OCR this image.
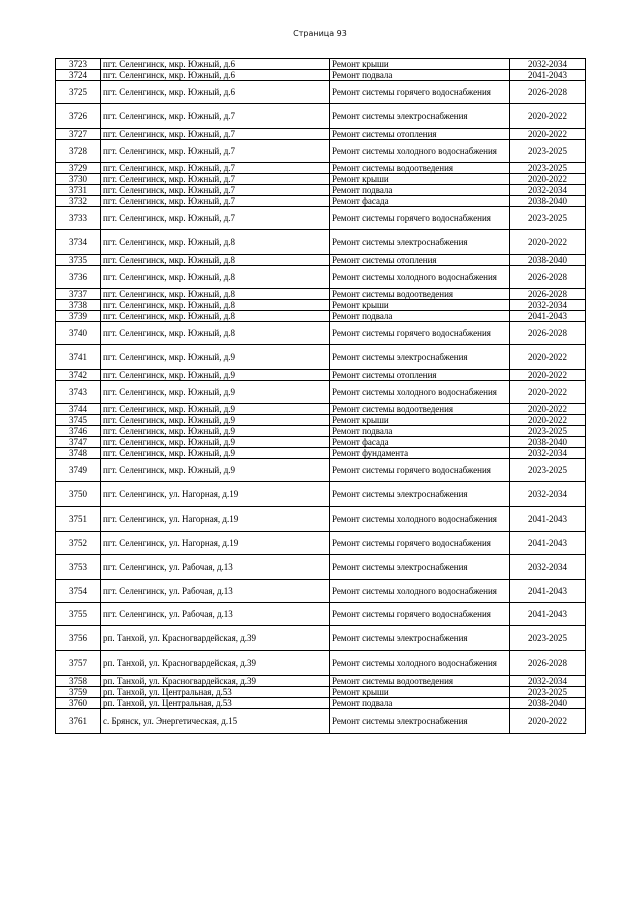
Страница 93
3723	пгт. Селенгинск, мкр. Южный, д.6	Ремонт крыши	2032-2034
3724	пгт. Селенгинск, мкр. Южный, д.6	Ремонт подвала	2041-2043
3725	пгт. Селенгинск, мкр. Южный, д.6	Ремонт системы горячего водоснабжения	2026-2028
3726	пгт. Селенгинск, мкр. Южный, д.7	Ремонт системы электроснабжения	2020-2022
3727	пгт. Селенгинск, мкр. Южный, д.7	Ремонт системы отопления	2020-2022
3728	пгт. Селенгинск, мкр. Южный, д.7	Ремонт системы холодного водоснабжения	2023-2025
3729	пгт. Селенгинск, мкр. Южный, д.7	Ремонт системы водоотведения	2023-2025
3730	пгт. Селенгинск, мкр. Южный, д.7	Ремонт крыши	2020-2022
3731	пгт. Селенгинск, мкр. Южный, д.7	Ремонт подвала	2032-2034
3732	пгт. Селенгинск, мкр. Южный, д.7	Ремонт фасада	2038-2040
3733	пгт. Селенгинск, мкр. Южный, д.7	Ремонт системы горячего водоснабжения	2023-2025
3734	пгт. Селенгинск, мкр. Южный, д.8	Ремонт системы электроснабжения	2020-2022
3735	пгт. Селенгинск, мкр. Южный, д.8	Ремонт системы отопления	2038-2040
3736	пгт. Селенгинск, мкр. Южный, д.8	Ремонт системы холодного водоснабжения	2026-2028
3737	пгт. Селенгинск, мкр. Южный, д.8	Ремонт системы водоотведения	2026-2028
3738	пгт. Селенгинск, мкр. Южный, д.8	Ремонт крыши	2032-2034
3739	пгт. Селенгинск, мкр. Южный, д.8	Ремонт подвала	2041-2043
3740	пгт. Селенгинск, мкр. Южный, д.8	Ремонт системы горячего водоснабжения	2026-2028
3741	пгт. Селенгинск, мкр. Южный, д.9	Ремонт системы электроснабжения	2020-2022
3742	пгт. Селенгинск, мкр. Южный, д.9	Ремонт системы отопления	2020-2022
3743	пгт. Селенгинск, мкр. Южный, д.9	Ремонт системы холодного водоснабжения	2020-2022
3744	пгт. Селенгинск, мкр. Южный, д.9	Ремонт системы водоотведения	2020-2022
3745	пгт. Селенгинск, мкр. Южный, д.9	Ремонт крыши	2020-2022
3746	пгт. Селенгинск, мкр. Южный, д.9	Ремонт подвала	2023-2025
3747	пгт. Селенгинск, мкр. Южный, д.9	Ремонт фасада	2038-2040
3748	пгт. Селенгинск, мкр. Южный, д.9	Ремонт фундамента	2032-2034
3749	пгт. Селенгинск, мкр. Южный, д.9	Ремонт системы горячего водоснабжения	2023-2025
3750	пгт. Селенгинск, ул. Нагорная, д.19	Ремонт системы электроснабжения	2032-2034
3751	пгт. Селенгинск, ул. Нагорная, д.19	Ремонт системы холодного водоснабжения	2041-2043
3752	пгт. Селенгинск, ул. Нагорная, д.19	Ремонт системы горячего водоснабжения	2041-2043
3753	пгт. Селенгинск, ул. Рабочая, д.13	Ремонт системы электроснабжения	2032-2034
3754	пгт. Селенгинск, ул. Рабочая, д.13	Ремонт системы холодного водоснабжения	2041-2043
3755	пгт. Селенгинск, ул. Рабочая, д.13	Ремонт системы горячего водоснабжения	2041-2043
3756	рп. Танхой, ул. Красногвардейская, д.39	Ремонт системы электроснабжения	2023-2025
3757	рп. Танхой, ул. Красногвардейская, д.39	Ремонт системы холодного водоснабжения	2026-2028
3758	рп. Танхой, ул. Красногвардейская, д.39	Ремонт системы водоотведения	2032-2034
3759	рп. Танхой, ул. Центральная, д.53	Ремонт крыши	2023-2025
3760	рп. Танхой, ул. Центральная, д.53	Ремонт подвала	2038-2040
3761	с. Брянск, ул. Энергетическая, д.15	Ремонт системы электроснабжения	2020-2022
